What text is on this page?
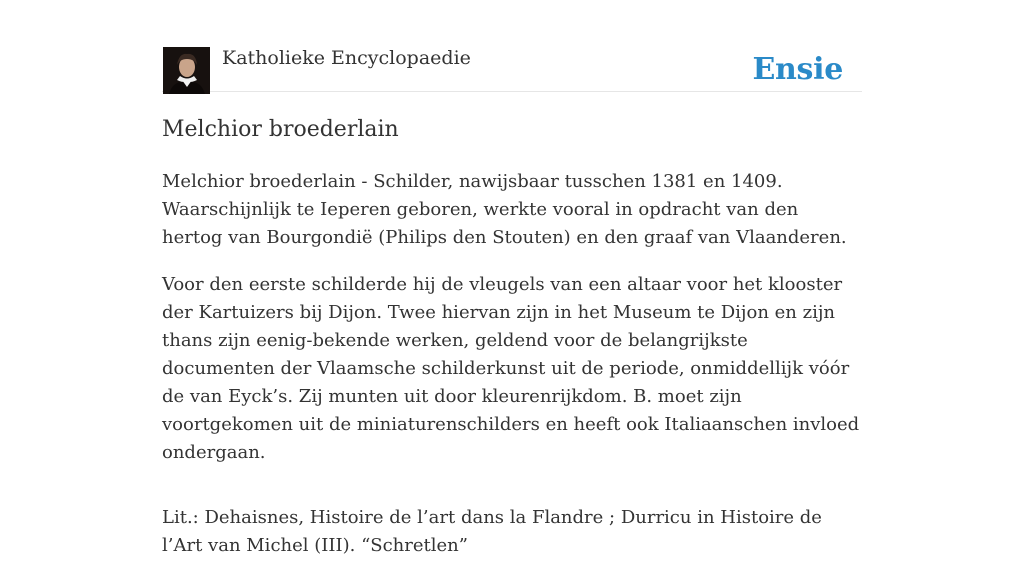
Katholieke Encyclopaedie	Ensie
Melchior broederlain

Melchior broederlain - Schilder, nawijsbaar tusschen 1381 en 1409. Waarschijnlijk te Ieperen geboren, werkte vooral in opdracht van den hertog van Bourgondië (Philips den Stouten) en den graaf van Vlaanderen.

Voor den eerste schilderde hij de vleugels van een altaar voor het klooster der Kartuizers bij Dijon. Twee hiervan zijn in het Museum te Dijon en zijn thans zijn eenig-bekende werken, geldend voor de belangrijkste documenten der Vlaamsche schilderkunst uit de periode, onmiddellijk vóór de van Eyck’s. Zij munten uit door kleurenrijkdom. B. moet zijn voortgekomen uit de miniaturenschilders en heeft ook Italiaanschen invloed ondergaan.

Lit.: Dehaisnes, Histoire de l’art dans la Flandre ; Durricu in Histoire de l’Art van Michel (III). “Schretlen”
